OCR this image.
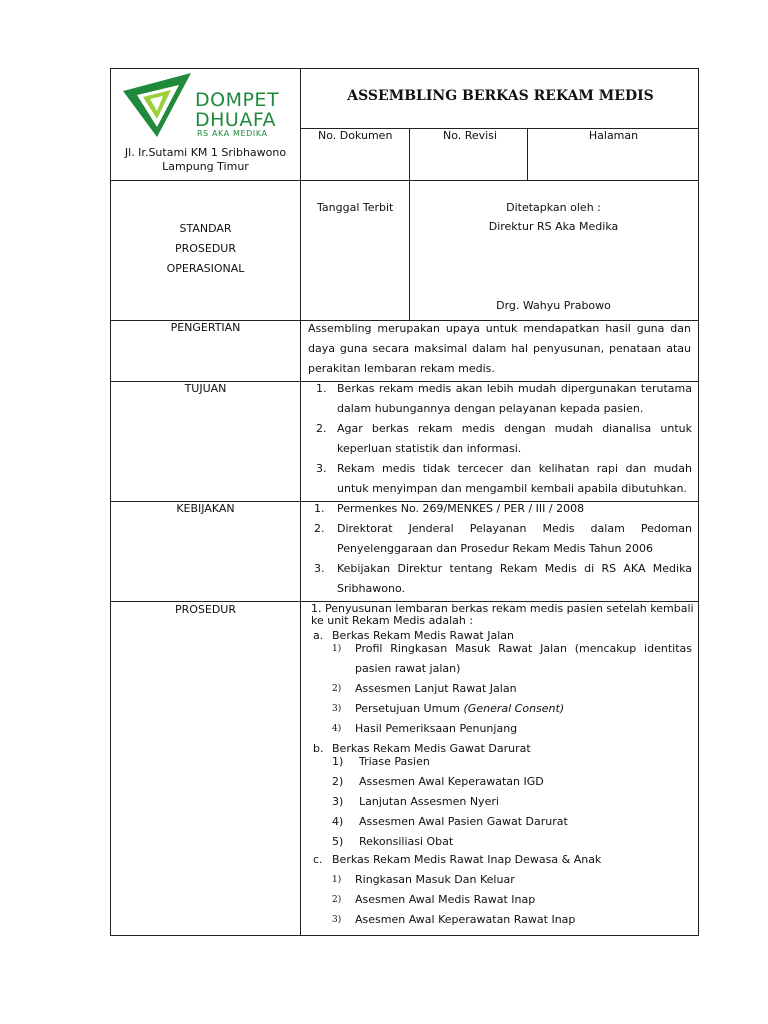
DOMPET
DHUAFA
RS AKA MEDIKA
Jl. Ir.Sutami KM 1 Sribhawono
Lampung Timur
ASSEMBLING BERKAS REKAM MEDIS
No. Dokumen	No. Revisi	Halaman
STANDAR
PROSEDUR
OPERASIONAL
Tanggal Terbit	Ditetapkan oleh :
Direktur RS Aka Medika
Drg. Wahyu Prabowo
PENGERTIAN	Assembling merupakan upaya untuk mendapatkan hasil guna dan daya guna secara maksimal dalam hal penyusunan, penataan atau perakitan lembaran rekam medis.
TUJUAN	1. Berkas rekam medis akan lebih mudah dipergunakan terutama dalam hubungannya dengan pelayanan kepada pasien.
2. Agar berkas rekam medis dengan mudah dianalisa untuk keperluan statistik dan informasi.
3. Rekam medis tidak tercecer dan kelihatan rapi dan mudah untuk menyimpan dan mengambil kembali apabila dibutuhkan.
KEBIJAKAN	1. Permenkes No. 269/MENKES / PER / III / 2008
2. Direktorat Jenderal Pelayanan Medis dalam Pedoman Penyelenggaraan dan Prosedur Rekam Medis Tahun 2006
3. Kebijakan Direktur tentang Rekam Medis di RS AKA Medika Sribhawono.
PROSEDUR	1. Penyusunan lembaran berkas rekam medis pasien setelah kembali ke unit Rekam Medis adalah :
a. Berkas Rekam Medis Rawat Jalan
1) Profil Ringkasan Masuk Rawat Jalan (mencakup identitas pasien rawat jalan)
2) Assesmen Lanjut Rawat Jalan
3) Persetujuan Umum (General Consent)
4) Hasil Pemeriksaan Penunjang
b. Berkas Rekam Medis Gawat Darurat
1) Triase Pasien
2) Assesmen Awal Keperawatan IGD
3) Lanjutan Assesmen Nyeri
4) Assesmen Awal Pasien Gawat Darurat
5) Rekonsiliasi Obat
c. Berkas Rekam Medis Rawat Inap Dewasa & Anak
1) Ringkasan Masuk Dan Keluar
2) Asesmen Awal Medis Rawat Inap
3) Asesmen Awal Keperawatan Rawat Inap
